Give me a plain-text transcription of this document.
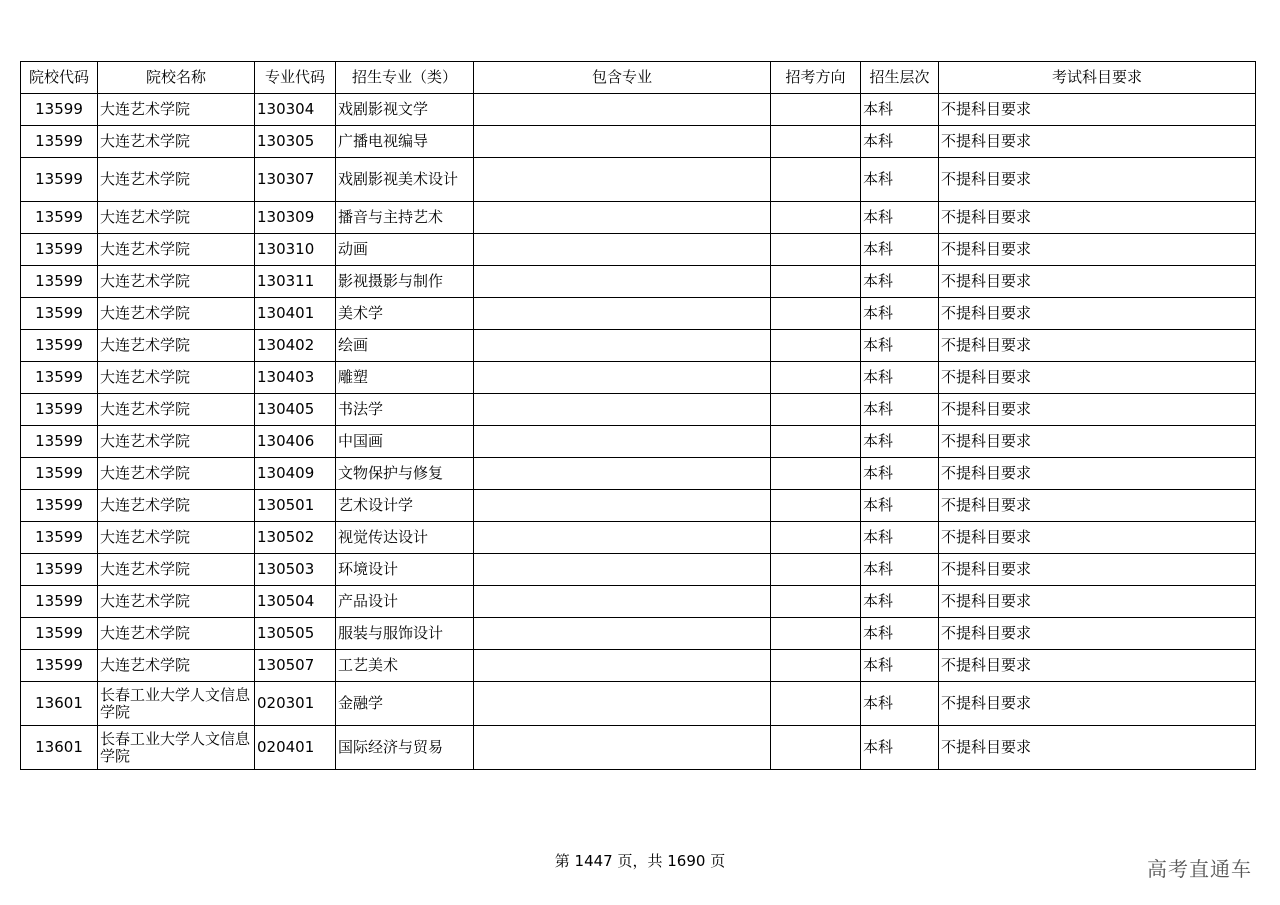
院校代码	院校名称	专业代码	招生专业（类）	包含专业	招考方向	招生层次	考试科目要求
13599	大连艺术学院	130304	戏剧影视文学			本科	不提科目要求
13599	大连艺术学院	130305	广播电视编导			本科	不提科目要求
13599	大连艺术学院	130307	戏剧影视美术设计			本科	不提科目要求
13599	大连艺术学院	130309	播音与主持艺术			本科	不提科目要求
13599	大连艺术学院	130310	动画			本科	不提科目要求
13599	大连艺术学院	130311	影视摄影与制作			本科	不提科目要求
13599	大连艺术学院	130401	美术学			本科	不提科目要求
13599	大连艺术学院	130402	绘画			本科	不提科目要求
13599	大连艺术学院	130403	雕塑			本科	不提科目要求
13599	大连艺术学院	130405	书法学			本科	不提科目要求
13599	大连艺术学院	130406	中国画			本科	不提科目要求
13599	大连艺术学院	130409	文物保护与修复			本科	不提科目要求
13599	大连艺术学院	130501	艺术设计学			本科	不提科目要求
13599	大连艺术学院	130502	视觉传达设计			本科	不提科目要求
13599	大连艺术学院	130503	环境设计			本科	不提科目要求
13599	大连艺术学院	130504	产品设计			本科	不提科目要求
13599	大连艺术学院	130505	服装与服饰设计			本科	不提科目要求
13599	大连艺术学院	130507	工艺美术			本科	不提科目要求
13601	长春工业大学人文信息学院	020301	金融学			本科	不提科目要求
13601	长春工业大学人文信息学院	020401	国际经济与贸易			本科	不提科目要求
第 1447 页，共 1690 页	高考直通车
